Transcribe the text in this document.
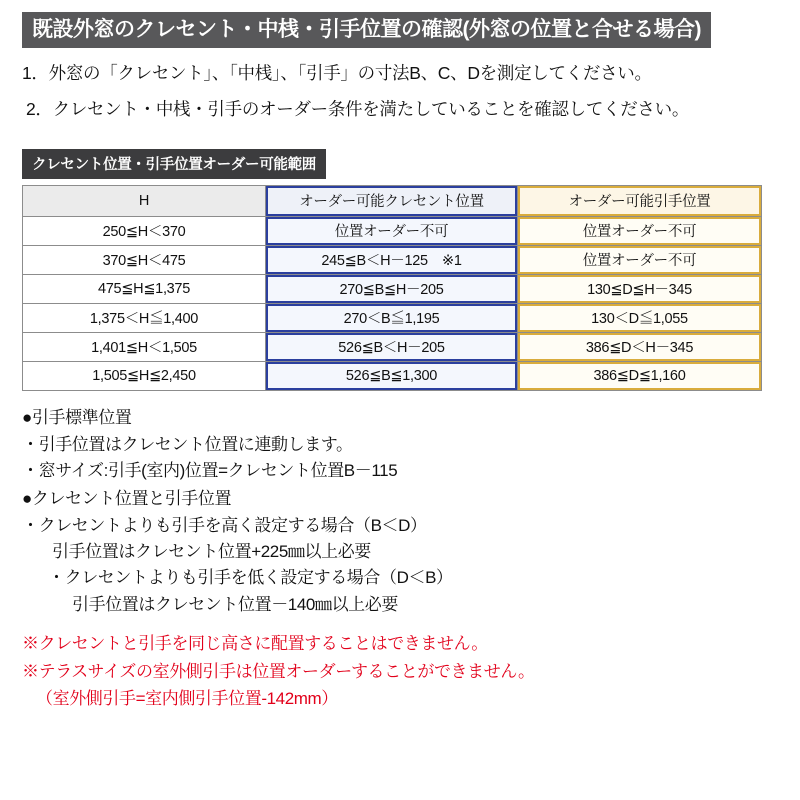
既設外窓のクレセント・中桟・引手位置の確認(外窓の位置と合せる場合)
1．外窓の「クレセント」、「中桟」、「引手」の寸法B、C、Dを測定してください。
2．クレセント・中桟・引手のオーダー条件を満たしていることを確認してください。
クレセント位置・引手位置オーダー可能範囲
H	オーダー可能クレセント位置	オーダー可能引手位置
250≦H＜370	位置オーダー不可	位置オーダー不可
370≦H＜475	245≦B＜H－125　※1	位置オーダー不可
475≦H≦1,375	270≦B≦H－205	130≦D≦H－345
1,375＜H≦1,400	270＜B≦1,195	130＜D≦1,055
1,401≦H＜1,505	526≦B＜H－205	386≦D＜H－345
1,505≦H≦2,450	526≦B≦1,300	386≦D≦1,160
●引手標準位置
・引手位置はクレセント位置に連動します。
・窓サイズ:引手(室内)位置=クレセント位置B－115
●クレセント位置と引手位置
・クレセントよりも引手を高く設定する場合（B＜D）
引手位置はクレセント位置+225㎜以上必要
・クレセントよりも引手を低く設定する場合（D＜B）
引手位置はクレセント位置－140㎜以上必要
※クレセントと引手を同じ高さに配置することはできません。
※テラスサイズの室外側引手は位置オーダーすることができません。
（室外側引手=室内側引手位置-142mm）
